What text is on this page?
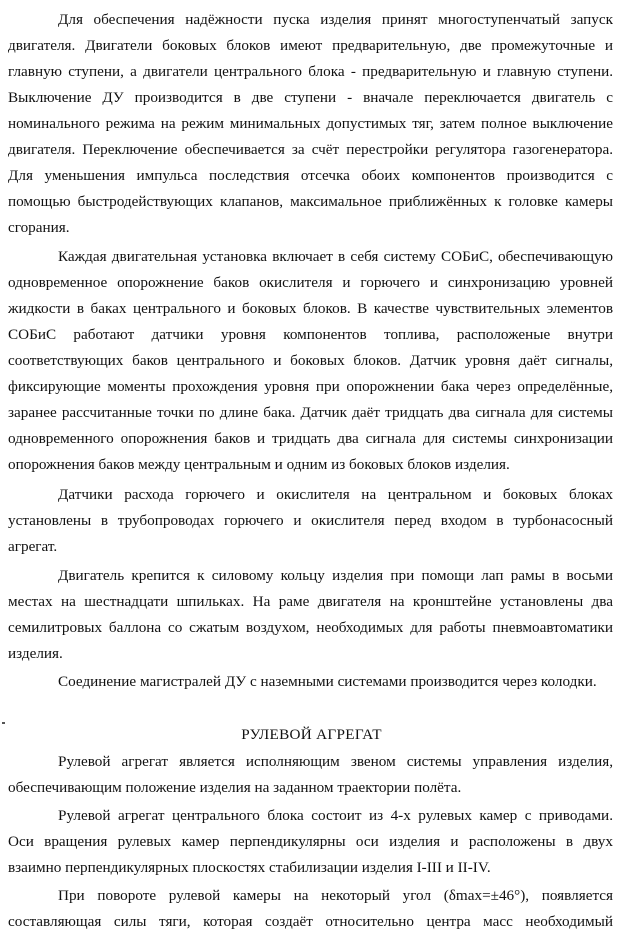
Для обеспечения надёжности пуска изделия принят многоступенчатый запуск
двигателя. Двигатели боковых блоков имеют предварительную, две промежуточные и
главную ступени, а двигатели центрального блока - предварительную и главную ступени.
Выключение ДУ производится в две ступени - вначале переключается двигатель с
номинального режима на режим минимальных допустимых тяг, затем полное выключение
двигателя. Переключение обеспечивается за счёт перестройки регулятора газогенератора.
Для уменьшения импульса последствия отсечка обоих компонентов производится с
помощью быстродействующих клапанов, максимальное приближённых к головке камеры
сгорания.
Каждая двигательная установка включает в себя систему СОБиС, обеспечивающую
одновременное опорожнение баков окислителя и горючего и синхронизацию уровней
жидкости в баках центрального и боковых блоков. В качестве чувствительных элементов
СОБиС работают датчики уровня компонентов топлива, расположеные внутри
соответствующих баков центрального и боковых блоков. Датчик уровня даёт сигналы,
фиксирующие моменты прохождения уровня при опорожнении бака через определённые,
заранее рассчитанные точки по длине бака. Датчик даёт тридцать два сигнала для системы
одновременного опорожнения баков и тридцать два сигнала для системы синхронизации
опорожнения баков между центральным и одним из боковых блоков изделия.
Датчики расхода горючего и окислителя на центральном и боковых блоках
установлены в трубопроводах горючего и окислителя перед входом в турбонасосный
агрегат.
Двигатель крепится к силовому кольцу изделия при помощи лап рамы в восьми
местах на шестнадцати шпильках. На раме двигателя на кронштейне установлены два
семилитровых баллона со сжатым воздухом, необходимых для работы пневмоавтоматики
изделия.
Соединение магистралей ДУ с наземными системами производится через колодки.
РУЛЕВОЙ АГРЕГАТ
Рулевой агрегат является исполняющим звеном системы управления изделия,
обеспечивающим положение изделия на заданном траектории полёта.
Рулевой агрегат центрального блока состоит из 4-х рулевых камер с приводами.
Оси вращения рулевых камер перпендикулярны оси изделия и расположены в двух
взаимно перпендикулярных плоскостях стабилизации изделия I-III и II-IV.
При повороте рулевой камеры на некоторый угол (δmax=±46°), появляется
составляющая силы тяги, которая создаёт относительно центра масс необходимый
